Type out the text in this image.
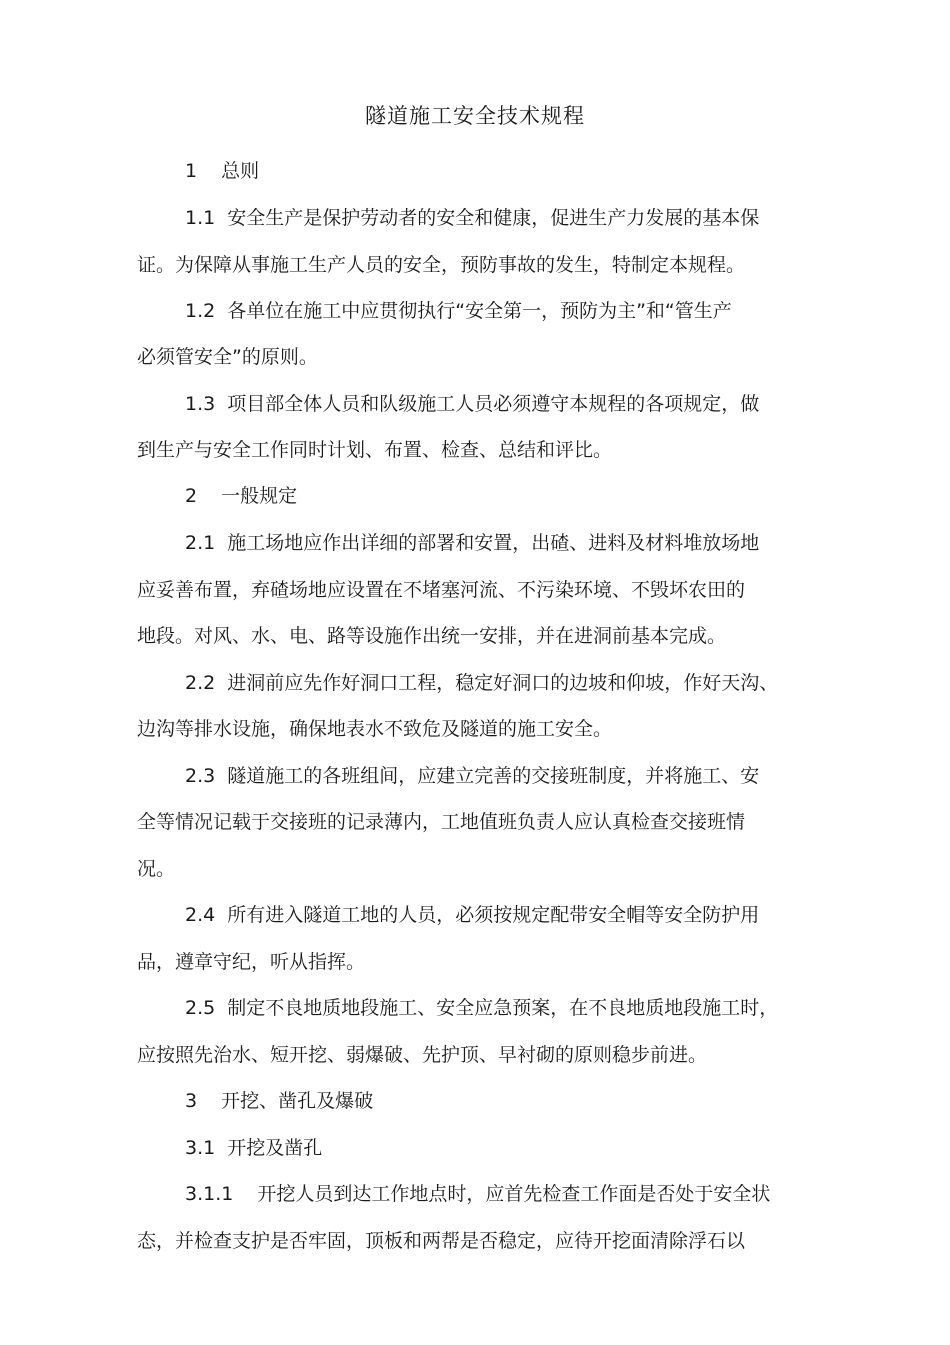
隧道施工安全技术规程

1 总则

1.1 安全生产是保护劳动者的安全和健康，促进生产力发展的基本保

证。为保障从事施工生产人员的安全，预防事故的发生，特制定本规程。

1.2 各单位在施工中应贯彻执行“安全第一，预防为主”和“管生产

必须管安全”的原则。

1.3 项目部全体人员和队级施工人员必须遵守本规程的各项规定，做

到生产与安全工作同时计划、布置、检查、总结和评比。

2 一般规定

2.1 施工场地应作出详细的部署和安置，出碴、进料及材料堆放场地

应妥善布置，弃碴场地应设置在不堵塞河流、不污染环境、不毁坏农田的

地段。对风、水、电、路等设施作出统一安排，并在进洞前基本完成。

2.2 进洞前应先作好洞口工程，稳定好洞口的边坡和仰坡，作好天沟、

边沟等排水设施，确保地表水不致危及隧道的施工安全。

2.3 隧道施工的各班组间，应建立完善的交接班制度，并将施工、安

全等情况记载于交接班的记录薄内，工地值班负责人应认真检查交接班情

况。

2.4 所有进入隧道工地的人员，必须按规定配带安全帽等安全防护用

品，遵章守纪，听从指挥。

2.5 制定不良地质地段施工、安全应急预案，在不良地质地段施工时，

应按照先治水、短开挖、弱爆破、先护顶、早衬砌的原则稳步前进。

3 开挖、凿孔及爆破

3.1 开挖及凿孔

3.1.1 开挖人员到达工作地点时，应首先检查工作面是否处于安全状

态，并检查支护是否牢固，顶板和两帮是否稳定，应待开挖面清除浮石以
